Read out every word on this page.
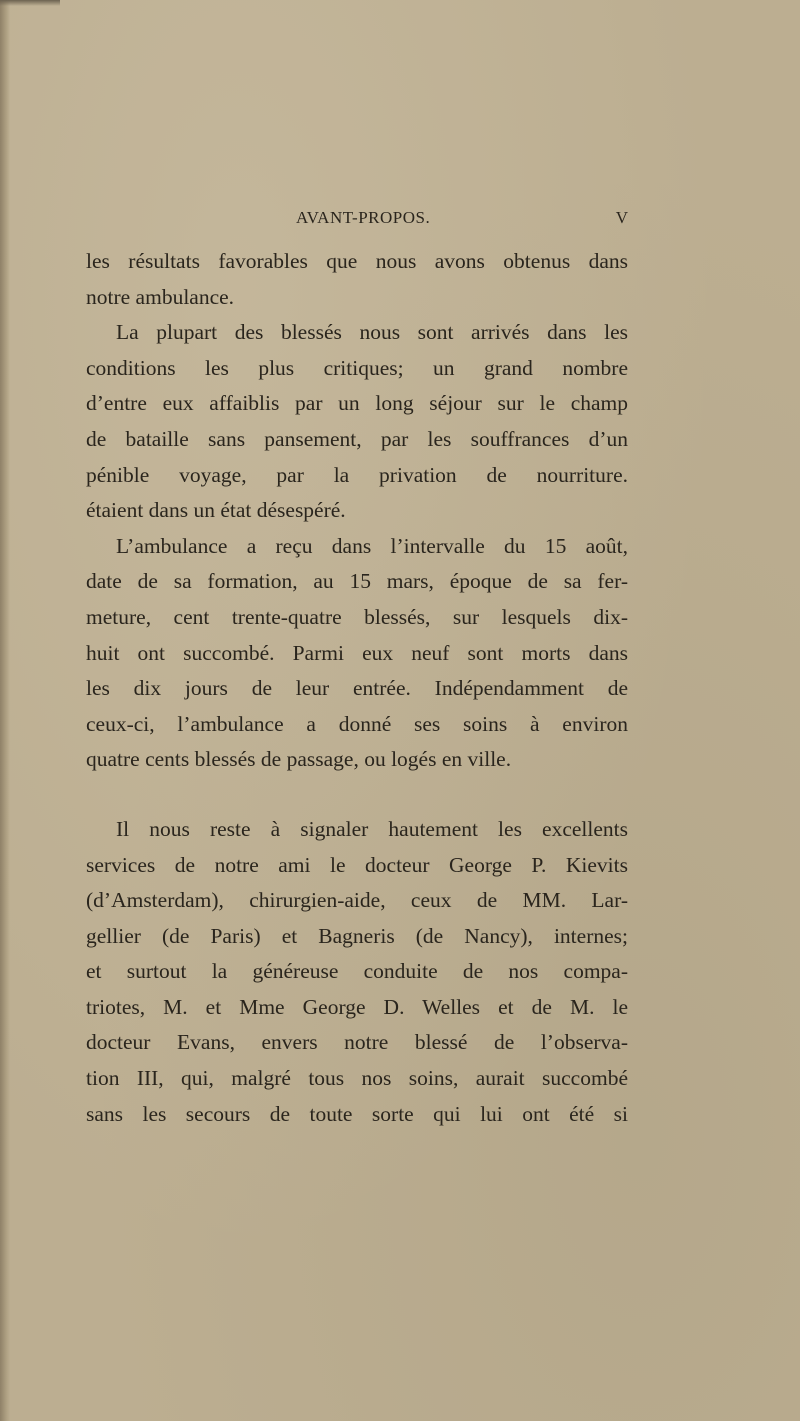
AVANT-PROPOS.	V
les résultats favorables que nous avons obtenus dans
notre ambulance.
La plupart des blessés nous sont arrivés dans les
conditions les plus critiques; un grand nombre
d’entre eux affaiblis par un long séjour sur le champ
de bataille sans pansement, par les souffrances d’un
pénible voyage, par la privation de nourriture.
étaient dans un état désespéré.
L’ambulance a reçu dans l’intervalle du 15 août,
date de sa formation, au 15 mars, époque de sa fer-
meture, cent trente-quatre blessés, sur lesquels dix-
huit ont succombé. Parmi eux neuf sont morts dans
les dix jours de leur entrée. Indépendamment de
ceux-ci, l’ambulance a donné ses soins à environ
quatre cents blessés de passage, ou logés en ville.
Il nous reste à signaler hautement les excellents
services de notre ami le docteur George P. Kievits
(d’Amsterdam), chirurgien-aide, ceux de MM. Lar-
gellier (de Paris) et Bagneris (de Nancy), internes;
et surtout la généreuse conduite de nos compa-
triotes, M. et Mme George D. Welles et de M. le
docteur Evans, envers notre blessé de l’observa-
tion III, qui, malgré tous nos soins, aurait succombé
sans les secours de toute sorte qui lui ont été si
